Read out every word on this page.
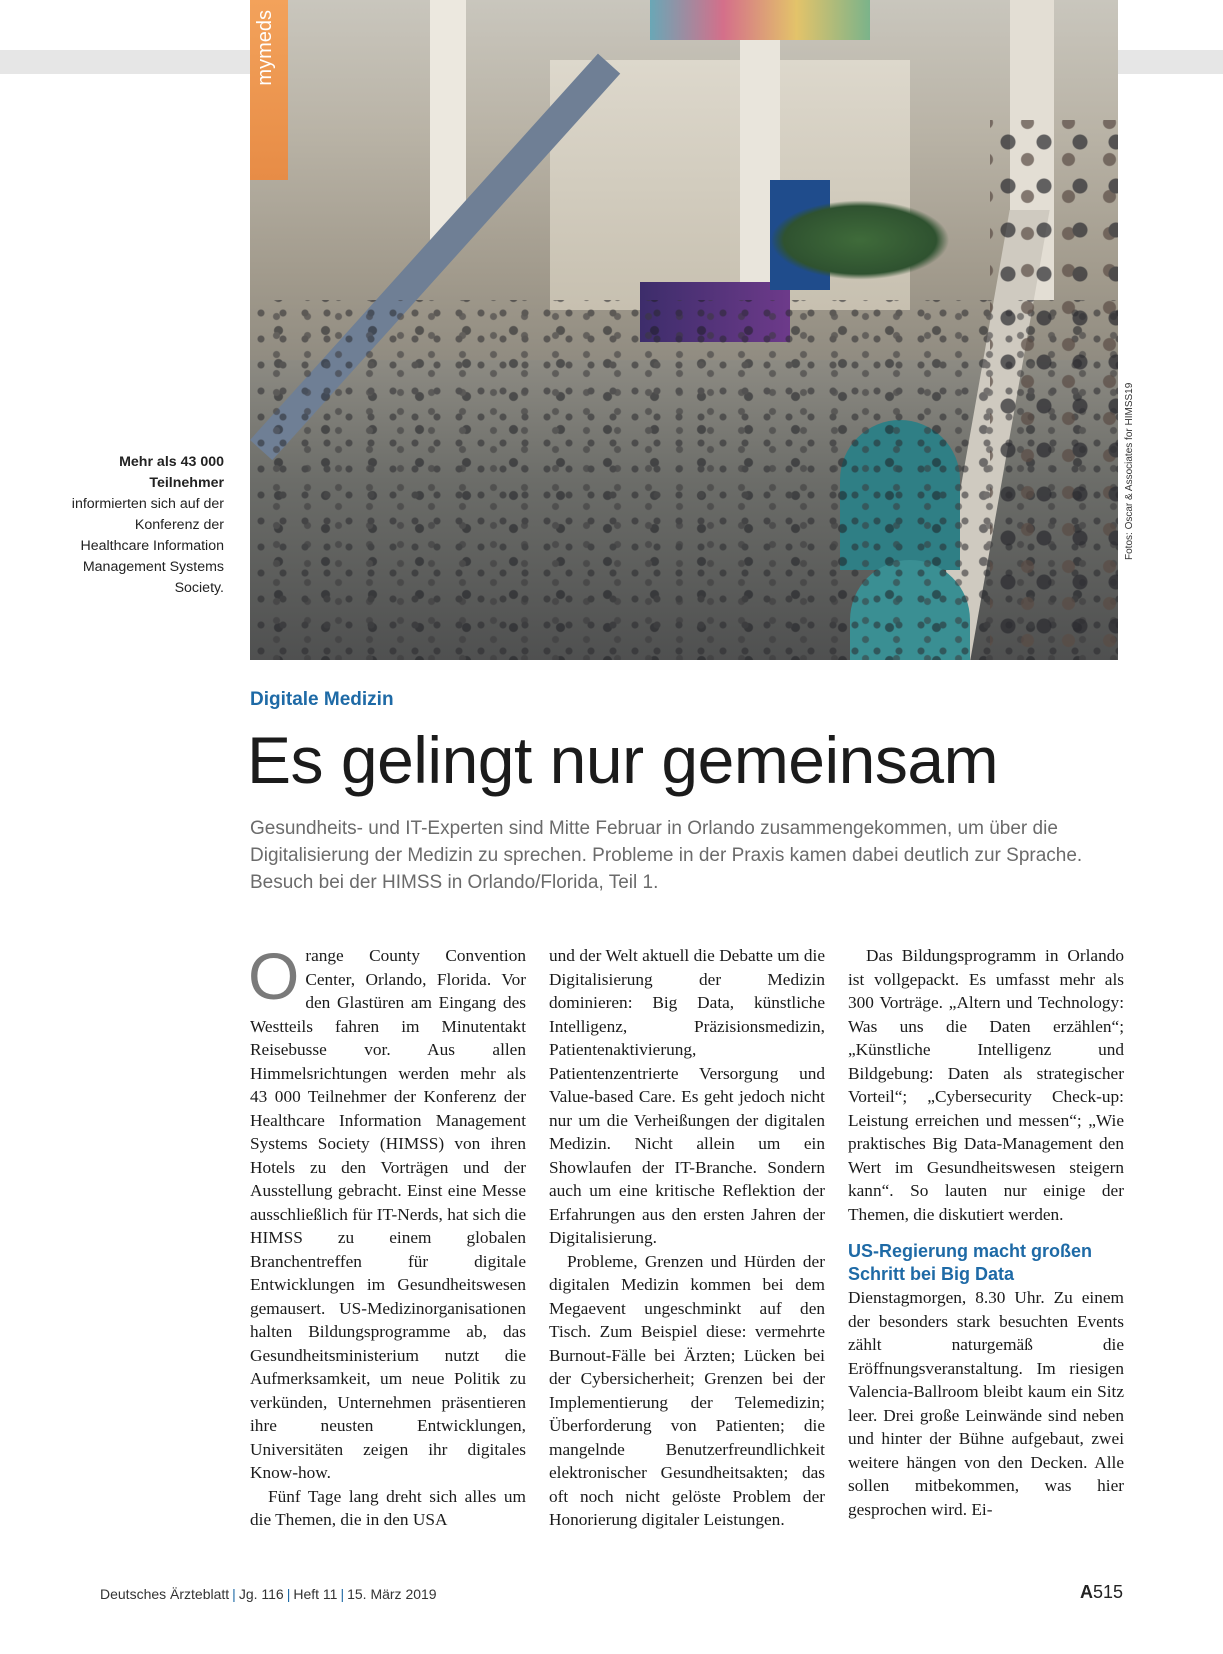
mymeds
Fotos: Oscar & Associates for HIMSS19
Mehr als 43 000 Teilnehmer
informierten sich auf der Konferenz der Healthcare Information Management Systems Society.
Digitale Medizin
Es gelingt nur gemeinsam
Gesundheits- und IT-Experten sind Mitte Februar in Orlando zusammengekommen, um über die Digitalisierung der Medizin zu sprechen. Probleme in der Praxis kamen dabei deutlich zur Sprache. Besuch bei der HIMSS in Orlando/Florida, Teil 1.

Orange County Convention Center, Orlando, Florida. Vor den Glastüren am Eingang des Westteils fahren im Minutentakt Reisebusse vor. Aus allen Himmelsrichtungen werden mehr als 43 000 Teilnehmer der Konferenz der Healthcare Information Management Systems Society (HIMSS) von ihren Hotels zu den Vorträgen und der Ausstellung gebracht. Einst eine Messe ausschließlich für IT-Nerds, hat sich die HIMSS zu einem globalen Branchentreffen für digitale Entwicklungen im Gesundheitswesen gemausert. US-Medizinorganisationen halten Bildungsprogramme ab, das Gesundheitsministerium nutzt die Aufmerksamkeit, um neue Politik zu verkünden, Unternehmen präsentieren ihre neusten Entwicklungen, Universitäten zeigen ihr digitales Know-how.

Fünf Tage lang dreht sich alles um die Themen, die in den USA

und der Welt aktuell die Debatte um die Digitalisierung der Medizin dominieren: Big Data, künstliche Intelligenz, Präzisionsmedizin, Patientenaktivierung, Patientenzentrierte Versorgung und Value-based Care. Es geht jedoch nicht nur um die Verheißungen der digitalen Medizin. Nicht allein um ein Showlaufen der IT-Branche. Sondern auch um eine kritische Reflektion der Erfahrungen aus den ersten Jahren der Digitalisierung.

Probleme, Grenzen und Hürden der digitalen Medizin kommen bei dem Megaevent ungeschminkt auf den Tisch. Zum Beispiel diese: vermehrte Burnout-Fälle bei Ärzten; Lücken bei der Cybersicherheit; Grenzen bei der Implementierung der Telemedizin; Überforderung von Patienten; die mangelnde Benutzerfreundlichkeit elektronischer Gesundheitsakten; das oft noch nicht gelöste Problem der Honorierung digitaler Leistungen.

Das Bildungsprogramm in Orlando ist vollgepackt. Es umfasst mehr als 300 Vorträge. „Altern und Technology: Was uns die Daten erzählen“; „Künstliche Intelligenz und Bildgebung: Daten als strategischer Vorteil“; „Cybersecurity Check-up: Leistung erreichen und messen“; „Wie praktisches Big Data-Management den Wert im Gesundheitswesen steigern kann“. So lauten nur einige der Themen, die diskutiert werden.

US-Regierung macht großen Schritt bei Big Data

Dienstagmorgen, 8.30 Uhr. Zu einem der besonders stark besuchten Events zählt naturgemäß die Eröffnungsveranstaltung. Im riesigen Valencia-Ballroom bleibt kaum ein Sitz leer. Drei große Leinwände sind neben und hinter der Bühne aufgebaut, zwei weitere hängen von den Decken. Alle sollen mitbekommen, was hier gesprochen wird. Ei-

Deutsches Ärzteblatt | Jg. 116 | Heft 11 | 15. März 2019	A515
